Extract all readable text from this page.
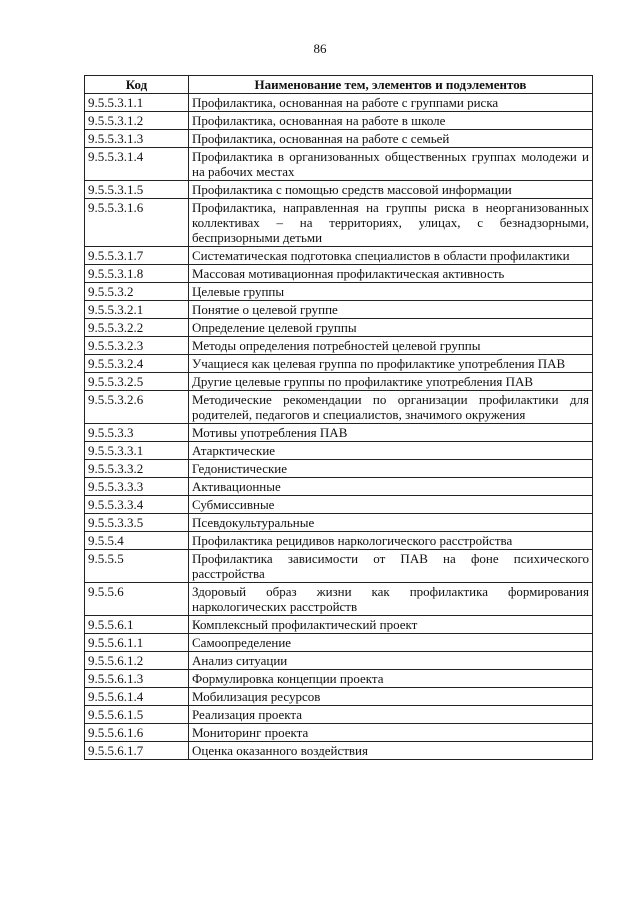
86
Код	Наименование тем, элементов и подэлементов
9.5.5.3.1.1	Профилактика, основанная на работе с группами риска
9.5.5.3.1.2	Профилактика, основанная на работе в школе
9.5.5.3.1.3	Профилактика, основанная на работе с семьей
9.5.5.3.1.4	Профилактика в организованных общественных группах молодежи и на рабочих местах
9.5.5.3.1.5	Профилактика с помощью средств массовой информации
9.5.5.3.1.6	Профилактика, направленная на группы риска в неорганизованных коллективах – на территориях, улицах, с безнадзорными, беспризорными детьми
9.5.5.3.1.7	Систематическая подготовка специалистов в области профилактики
9.5.5.3.1.8	Массовая мотивационная профилактическая активность
9.5.5.3.2	Целевые группы
9.5.5.3.2.1	Понятие о целевой группе
9.5.5.3.2.2	Определение целевой группы
9.5.5.3.2.3	Методы определения потребностей целевой группы
9.5.5.3.2.4	Учащиеся как целевая группа по профилактике употребления ПАВ
9.5.5.3.2.5	Другие целевые группы по профилактике употребления ПАВ
9.5.5.3.2.6	Методические рекомендации по организации профилактики для родителей, педагогов и специалистов, значимого окружения
9.5.5.3.3	Мотивы употребления ПАВ
9.5.5.3.3.1	Атарктические
9.5.5.3.3.2	Гедонистические
9.5.5.3.3.3	Активационные
9.5.5.3.3.4	Субмиссивные
9.5.5.3.3.5	Псевдокультуральные
9.5.5.4	Профилактика рецидивов наркологического расстройства
9.5.5.5	Профилактика зависимости от ПАВ на фоне психического расстройства
9.5.5.6	Здоровый образ жизни как профилактика формирования наркологических расстройств
9.5.5.6.1	Комплексный профилактический проект
9.5.5.6.1.1	Самоопределение
9.5.5.6.1.2	Анализ ситуации
9.5.5.6.1.3	Формулировка концепции проекта
9.5.5.6.1.4	Мобилизация ресурсов
9.5.5.6.1.5	Реализация проекта
9.5.5.6.1.6	Мониторинг проекта
9.5.5.6.1.7	Оценка оказанного воздействия
